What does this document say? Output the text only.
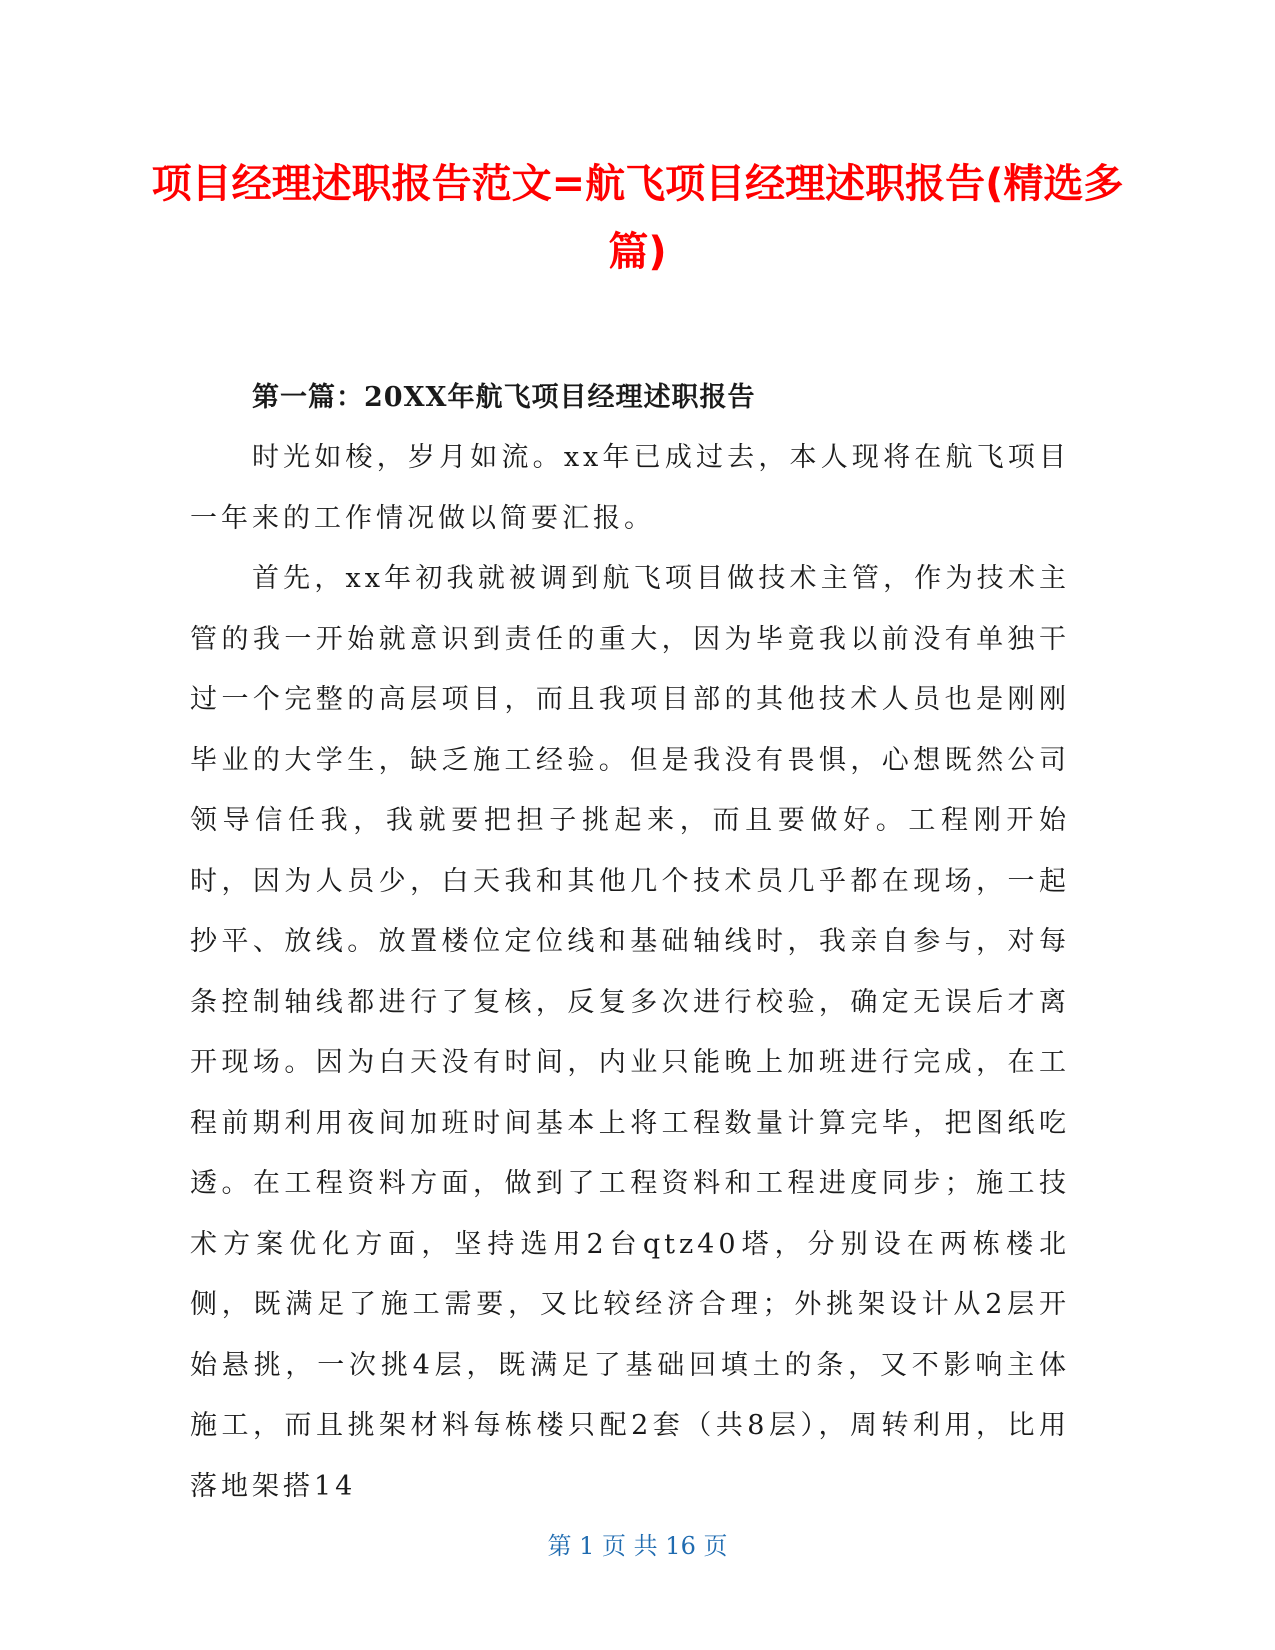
项目经理述职报告范文=航飞项目经理述职报告(精选多篇)
第一篇：20XX年航飞项目经理述职报告

时光如梭，岁月如流。xx年已成过去，本人现将在航飞项目一年来的工作情况做以简要汇报。

首先，xx年初我就被调到航飞项目做技术主管，作为技术主管的我一开始就意识到责任的重大，因为毕竟我以前没有单独干过一个完整的高层项目，而且我项目部的其他技术人员也是刚刚毕业的大学生，缺乏施工经验。但是我没有畏惧，心想既然公司领导信任我，我就要把担子挑起来，而且要做好。工程刚开始时，因为人员少，白天我和其他几个技术员几乎都在现场，一起抄平、放线。放置楼位定位线和基础轴线时，我亲自参与，对每条控制轴线都进行了复核，反复多次进行校验，确定无误后才离开现场。因为白天没有时间，内业只能晚上加班进行完成，在工程前期利用夜间加班时间基本上将工程数量计算完毕，把图纸吃透。在工程资料方面，做到了工程资料和工程进度同步；施工技术方案优化方面，坚持选用2台qtz40塔，分别设在两栋楼北侧，既满足了施工需要，又比较经济合理；外挑架设计从2层开始悬挑，一次挑4层，既满足了基础回填土的条，又不影响主体施工，而且挑架材料每栋楼只配2套（共8层），周转利用，比用落地架搭14

第 1 页 共 16 页
